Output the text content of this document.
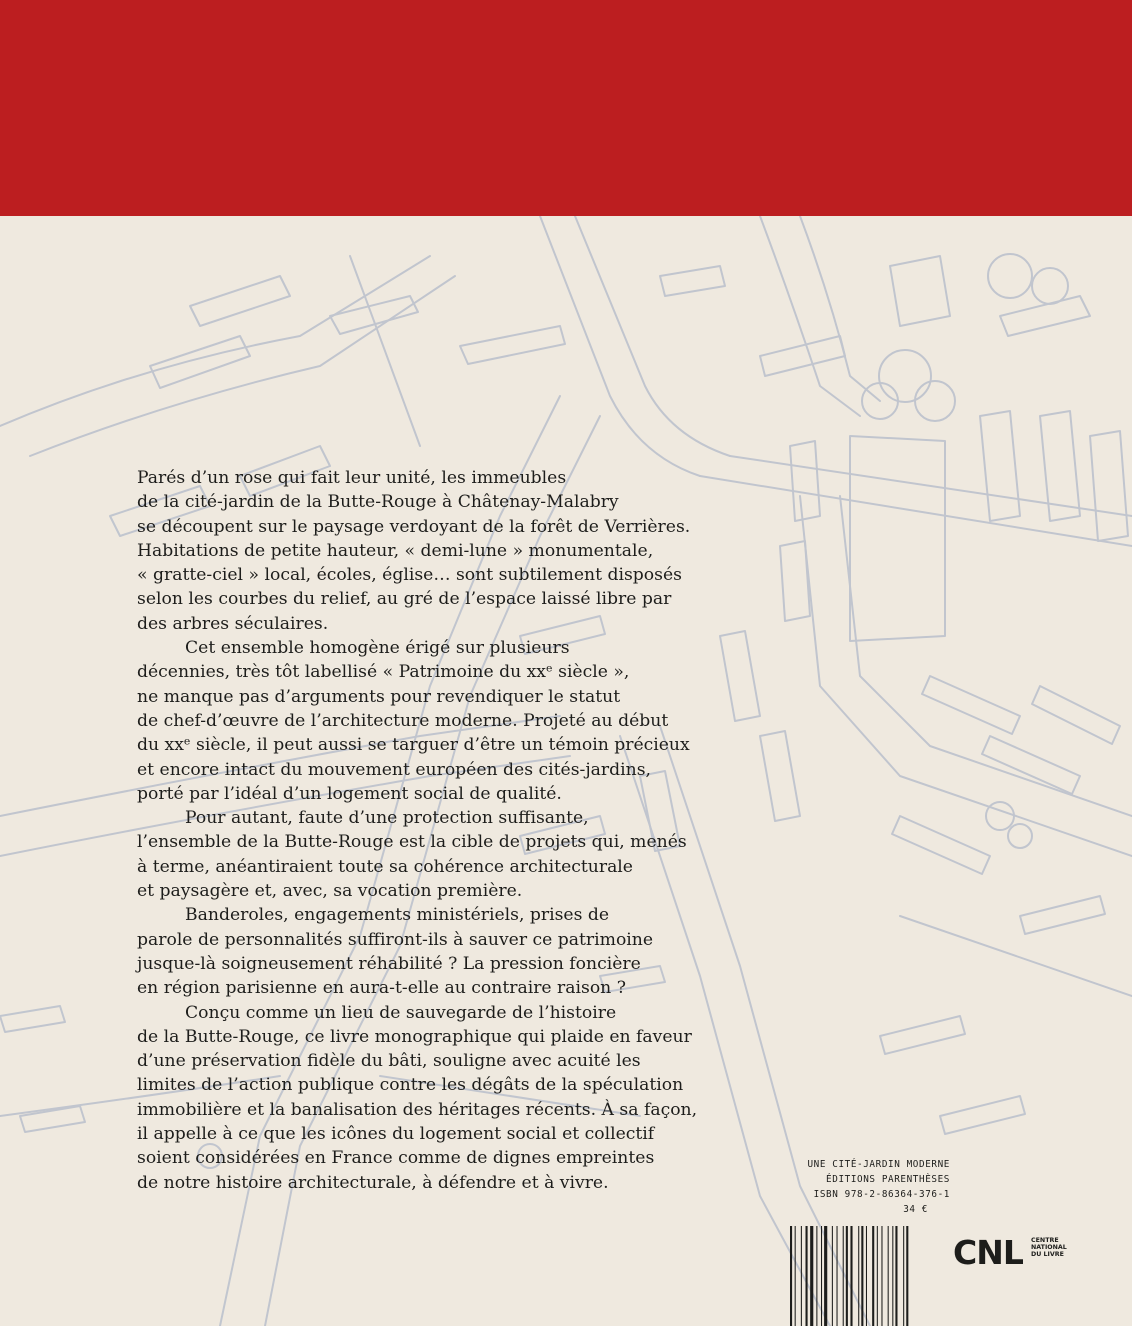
Parés d’un rose qui fait leur unité, les immeubles

de la cité-jardin de la Butte-Rouge à Châtenay-Malabry

se découpent sur le paysage verdoyant de la forêt de Verrières.

Habitations de petite hauteur, « demi-lune » monumentale,

« gratte-ciel » local, écoles, église… sont subtilement disposés

selon les courbes du relief, au gré de l’espace laissé libre par

des arbres séculaires.

Cet ensemble homogène érigé sur plusieurs

décennies, très tôt labellisé « Patrimoine du xxᵉ siècle »,

ne manque pas d’arguments pour revendiquer le statut

de chef-d’œuvre de l’architecture moderne. Projeté au début

du xxᵉ siècle, il peut aussi se targuer d’être un témoin précieux

et encore intact du mouvement européen des cités-jardins,

porté par l’idéal d’un logement social de qualité.

Pour autant, faute d’une protection suffisante,

l’ensemble de la Butte-Rouge est la cible de projets qui, menés

à terme, anéantiraient toute sa cohérence architecturale

et paysagère et, avec, sa vocation première.

Banderoles, engagements ministériels, prises de

parole de personnalités suffiront-ils à sauver ce patrimoine

jusque-là soigneusement réhabilité ? La pression foncière

en région parisienne en aura-t-elle au contraire raison ?

Conçu comme un lieu de sauvegarde de l’histoire

de la Butte-Rouge, ce livre monographique qui plaide en faveur

d’une préservation fidèle du bâti, souligne avec acuité les

limites de l’action publique contre les dégâts de la spéculation

immobilière et la banalisation des héritages récents. À sa façon,

il appelle à ce que les icônes du logement social et collectif

soient considérées en France comme de dignes empreintes

de notre histoire architecturale, à défendre et à vivre.

UNE CITÉ-JARDIN MODERNE
ÉDITIONS PARENTHÈSES
ISBN 978-2-86364-376-1
34 €
CNL CENTRE
NATIONAL
DU LIVRE
